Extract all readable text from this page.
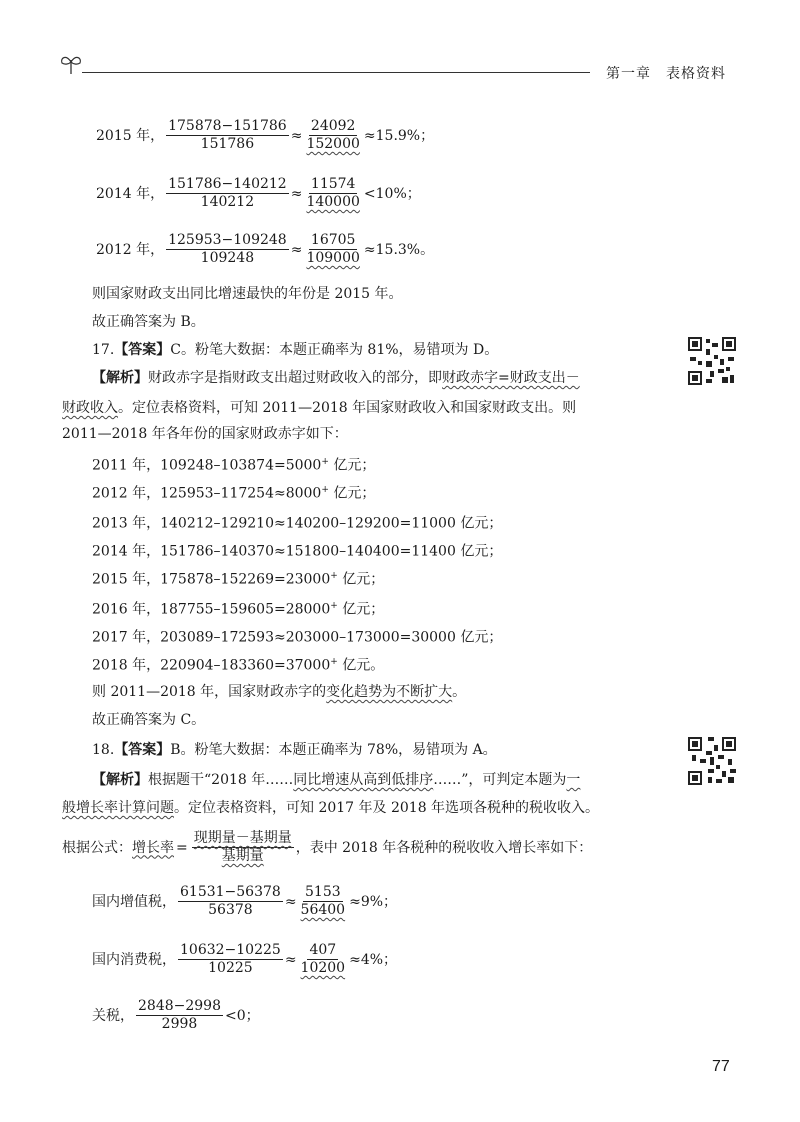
第一章　表格资料
2015 年， $\frac{175878-151786}{151786} \approx \frac{24092}{152000} \approx 15.9\%$；
2014 年， $\frac{151786-140212}{140212} \approx \frac{11574}{140000} <10\%$；
2012 年， $\frac{125953-109248}{109248} \approx \frac{16705}{109000} \approx 15.3\%$。
则国家财政支出同比增速最快的年份是 2015 年。
故正确答案为 B。
17.【答案】C。粉笔大数据：本题正确率为 81%，易错项为 D。
【解析】财政赤字是指财政支出超过财政收入的部分，即财政赤字=财政支出－
财政收入。定位表格资料，可知 2011—2018 年国家财政收入和国家财政支出。则
2011—2018 年各年份的国家财政赤字如下：
2011 年，109248–103874=5000+ 亿元；
2012 年，125953–117254≈8000+ 亿元；
2013 年，140212–129210≈140200–129200=11000 亿元；
2014 年，151786–140370≈151800–140400=11400 亿元；
2015 年，175878–152269=23000+ 亿元；
2016 年，187755–159605=28000+ 亿元；
2017 年，203089–172593≈203000–173000=30000 亿元；
2018 年，220904–183360=37000+ 亿元。
则 2011—2018 年，国家财政赤字的变化趋势为不断扩大。
故正确答案为 C。
18.【答案】B。粉笔大数据：本题正确率为 78%，易错项为 A。
【解析】根据题干“2018 年……同比增速从高到低排序……”，可判定本题为一
般增长率计算问题。定位表格资料，可知 2017 年及 2018 年选项各税种的税收收入。
根据公式： 增长率 = $\frac{\text{现期量－基期量}}{\text{基期量}}$ ，表中 2018 年各税种的税收收入增长率如下：
国内增值税， $\frac{61531-56378}{56378} \approx \frac{5153}{56400} \approx 9\%$；
国内消费税， $\frac{10632-10225}{10225} \approx \frac{407}{10200} \approx 4\%$；
关税， $\frac{2848-2998}{2998} <0$；
77
